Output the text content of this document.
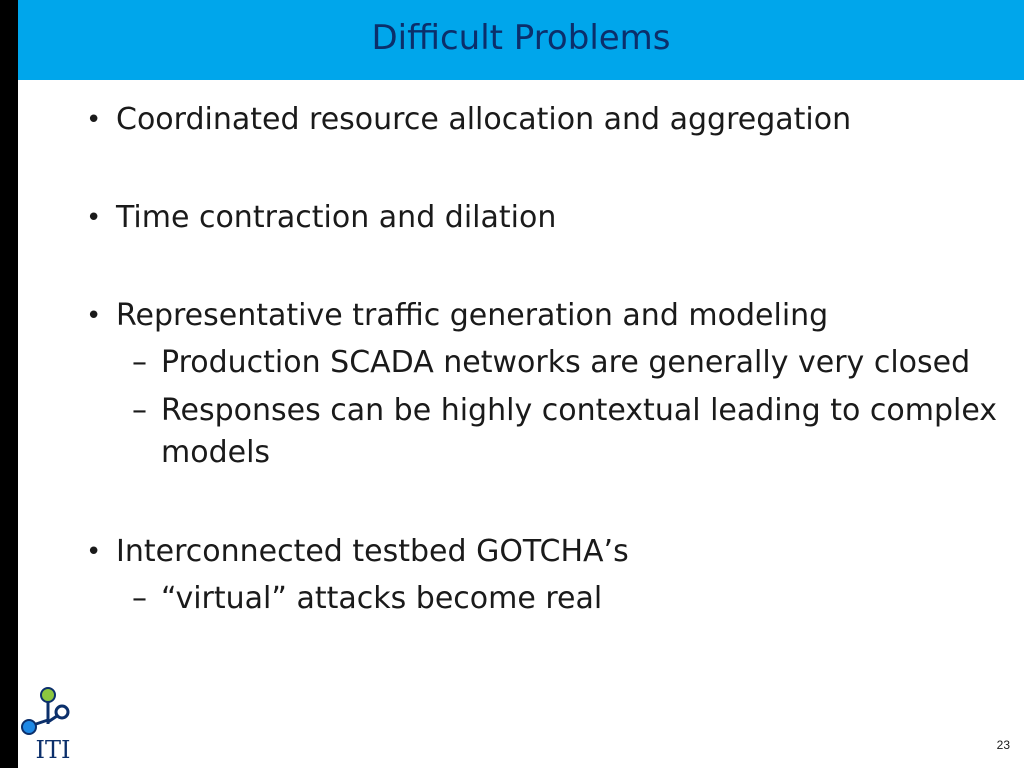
Difficult Problems
• Coordinated resource allocation and aggregation
• Time contraction and dilation
• Representative traffic generation and modeling
– Production SCADA networks are generally very closed
– Responses can be highly contextual leading to complex models
• Interconnected testbed GOTCHA’s
– “virtual” attacks become real
ITI	23
